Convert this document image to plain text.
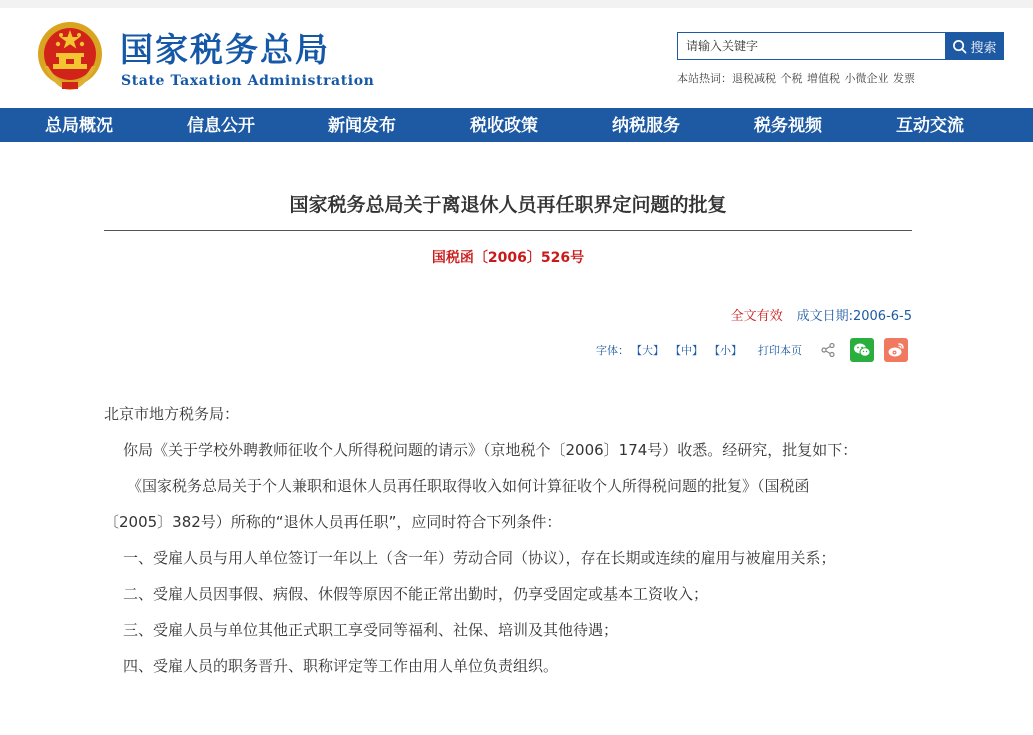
国家税务总局
State Taxation Administration
请输入关键字
搜索
本站热词：退税减税 个税 增值税 小微企业 发票
总局概况	信息公开	新闻发布	税收政策	纳税服务	税务视频	互动交流
国家税务总局关于离退休人员再任职界定问题的批复
国税函〔2006〕526号
全文有效 成文日期:2006-6-5
字体： 【大】 【中】 【小】 打印本页

北京市地方税务局：

你局《关于学校外聘教师征收个人所得税问题的请示》（京地税个〔2006〕174号）收悉。经研究，批复如下：

《国家税务总局关于个人兼职和退休人员再任职取得收入如何计算征收个人所得税问题的批复》（国税函

〔2005〕382号）所称的“退休人员再任职”，应同时符合下列条件：

一、受雇人员与用人单位签订一年以上（含一年）劳动合同（协议），存在长期或连续的雇用与被雇用关系；

二、受雇人员因事假、病假、休假等原因不能正常出勤时，仍享受固定或基本工资收入；

三、受雇人员与单位其他正式职工享受同等福利、社保、培训及其他待遇；

四、受雇人员的职务晋升、职称评定等工作由用人单位负责组织。
